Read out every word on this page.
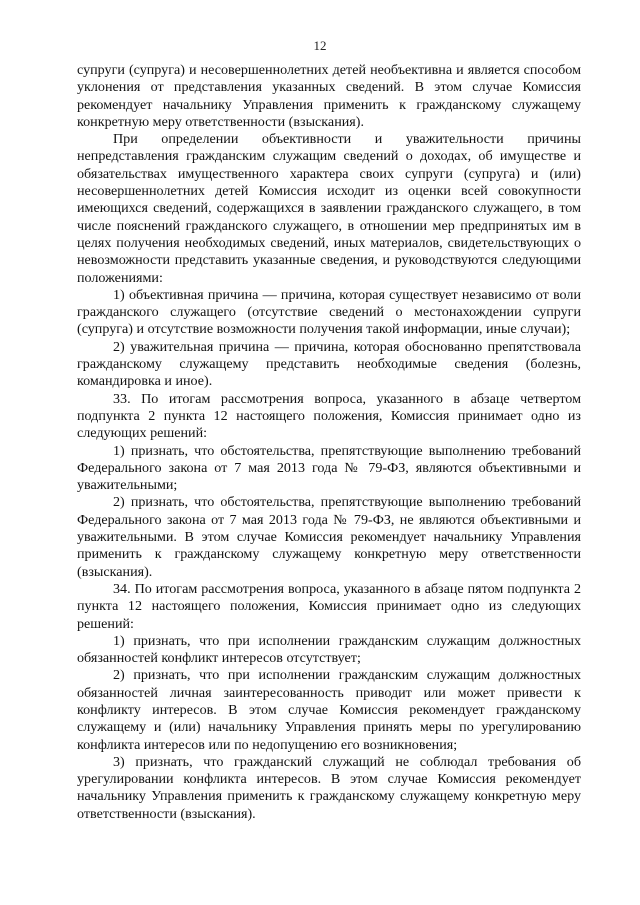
12

супруги (супруга) и несовершеннолетних детей необъективна и является способом уклонения от представления указанных сведений. В этом случае Комиссия рекомендует начальнику Управления применить к гражданскому служащему конкретную меру ответственности (взыскания).

При определении объективности и уважительности причины непредставления гражданским служащим сведений о доходах, об имуществе и обязательствах имущественного характера своих супруги (супруга) и (или) несовершеннолетних детей Комиссия исходит из оценки всей совокупности имеющихся сведений, содержащихся в заявлении гражданского служащего, в том числе пояснений гражданского служащего, в отношении мер предпринятых им в целях получения необходимых сведений, иных материалов, свидетельствующих о невозможности представить указанные сведения, и руководствуются следующими положениями:

1) объективная причина — причина, которая существует независимо от воли гражданского служащего (отсутствие сведений о местонахождении супруги (супруга) и отсутствие возможности получения такой информации, иные случаи);

2) уважительная причина — причина, которая обоснованно препятствовала гражданскому служащему представить необходимые сведения (болезнь, командировка и иное).

33. По итогам рассмотрения вопроса, указанного в абзаце четвертом подпункта 2 пункта 12 настоящего положения, Комиссия принимает одно из следующих решений:

1) признать, что обстоятельства, препятствующие выполнению требований Федерального закона от 7 мая 2013 года № 79-ФЗ, являются объективными и уважительными;

2) признать, что обстоятельства, препятствующие выполнению требований Федерального закона от 7 мая 2013 года № 79-ФЗ, не являются объективными и уважительными. В этом случае Комиссия рекомендует начальнику Управления применить к гражданскому служащему конкретную меру ответственности (взыскания).

34. По итогам рассмотрения вопроса, указанного в абзаце пятом подпункта 2 пункта 12 настоящего положения, Комиссия принимает одно из следующих решений:

1) признать, что при исполнении гражданским служащим должностных обязанностей конфликт интересов отсутствует;

2) признать, что при исполнении гражданским служащим должностных обязанностей личная заинтересованность приводит или может привести к конфликту интересов. В этом случае Комиссия рекомендует гражданскому служащему и (или) начальнику Управления принять меры по урегулированию конфликта интересов или по недопущению его возникновения;

3) признать, что гражданский служащий не соблюдал требования об урегулировании конфликта интересов. В этом случае Комиссия рекомендует начальнику Управления применить к гражданскому служащему конкретную меру ответственности (взыскания).
